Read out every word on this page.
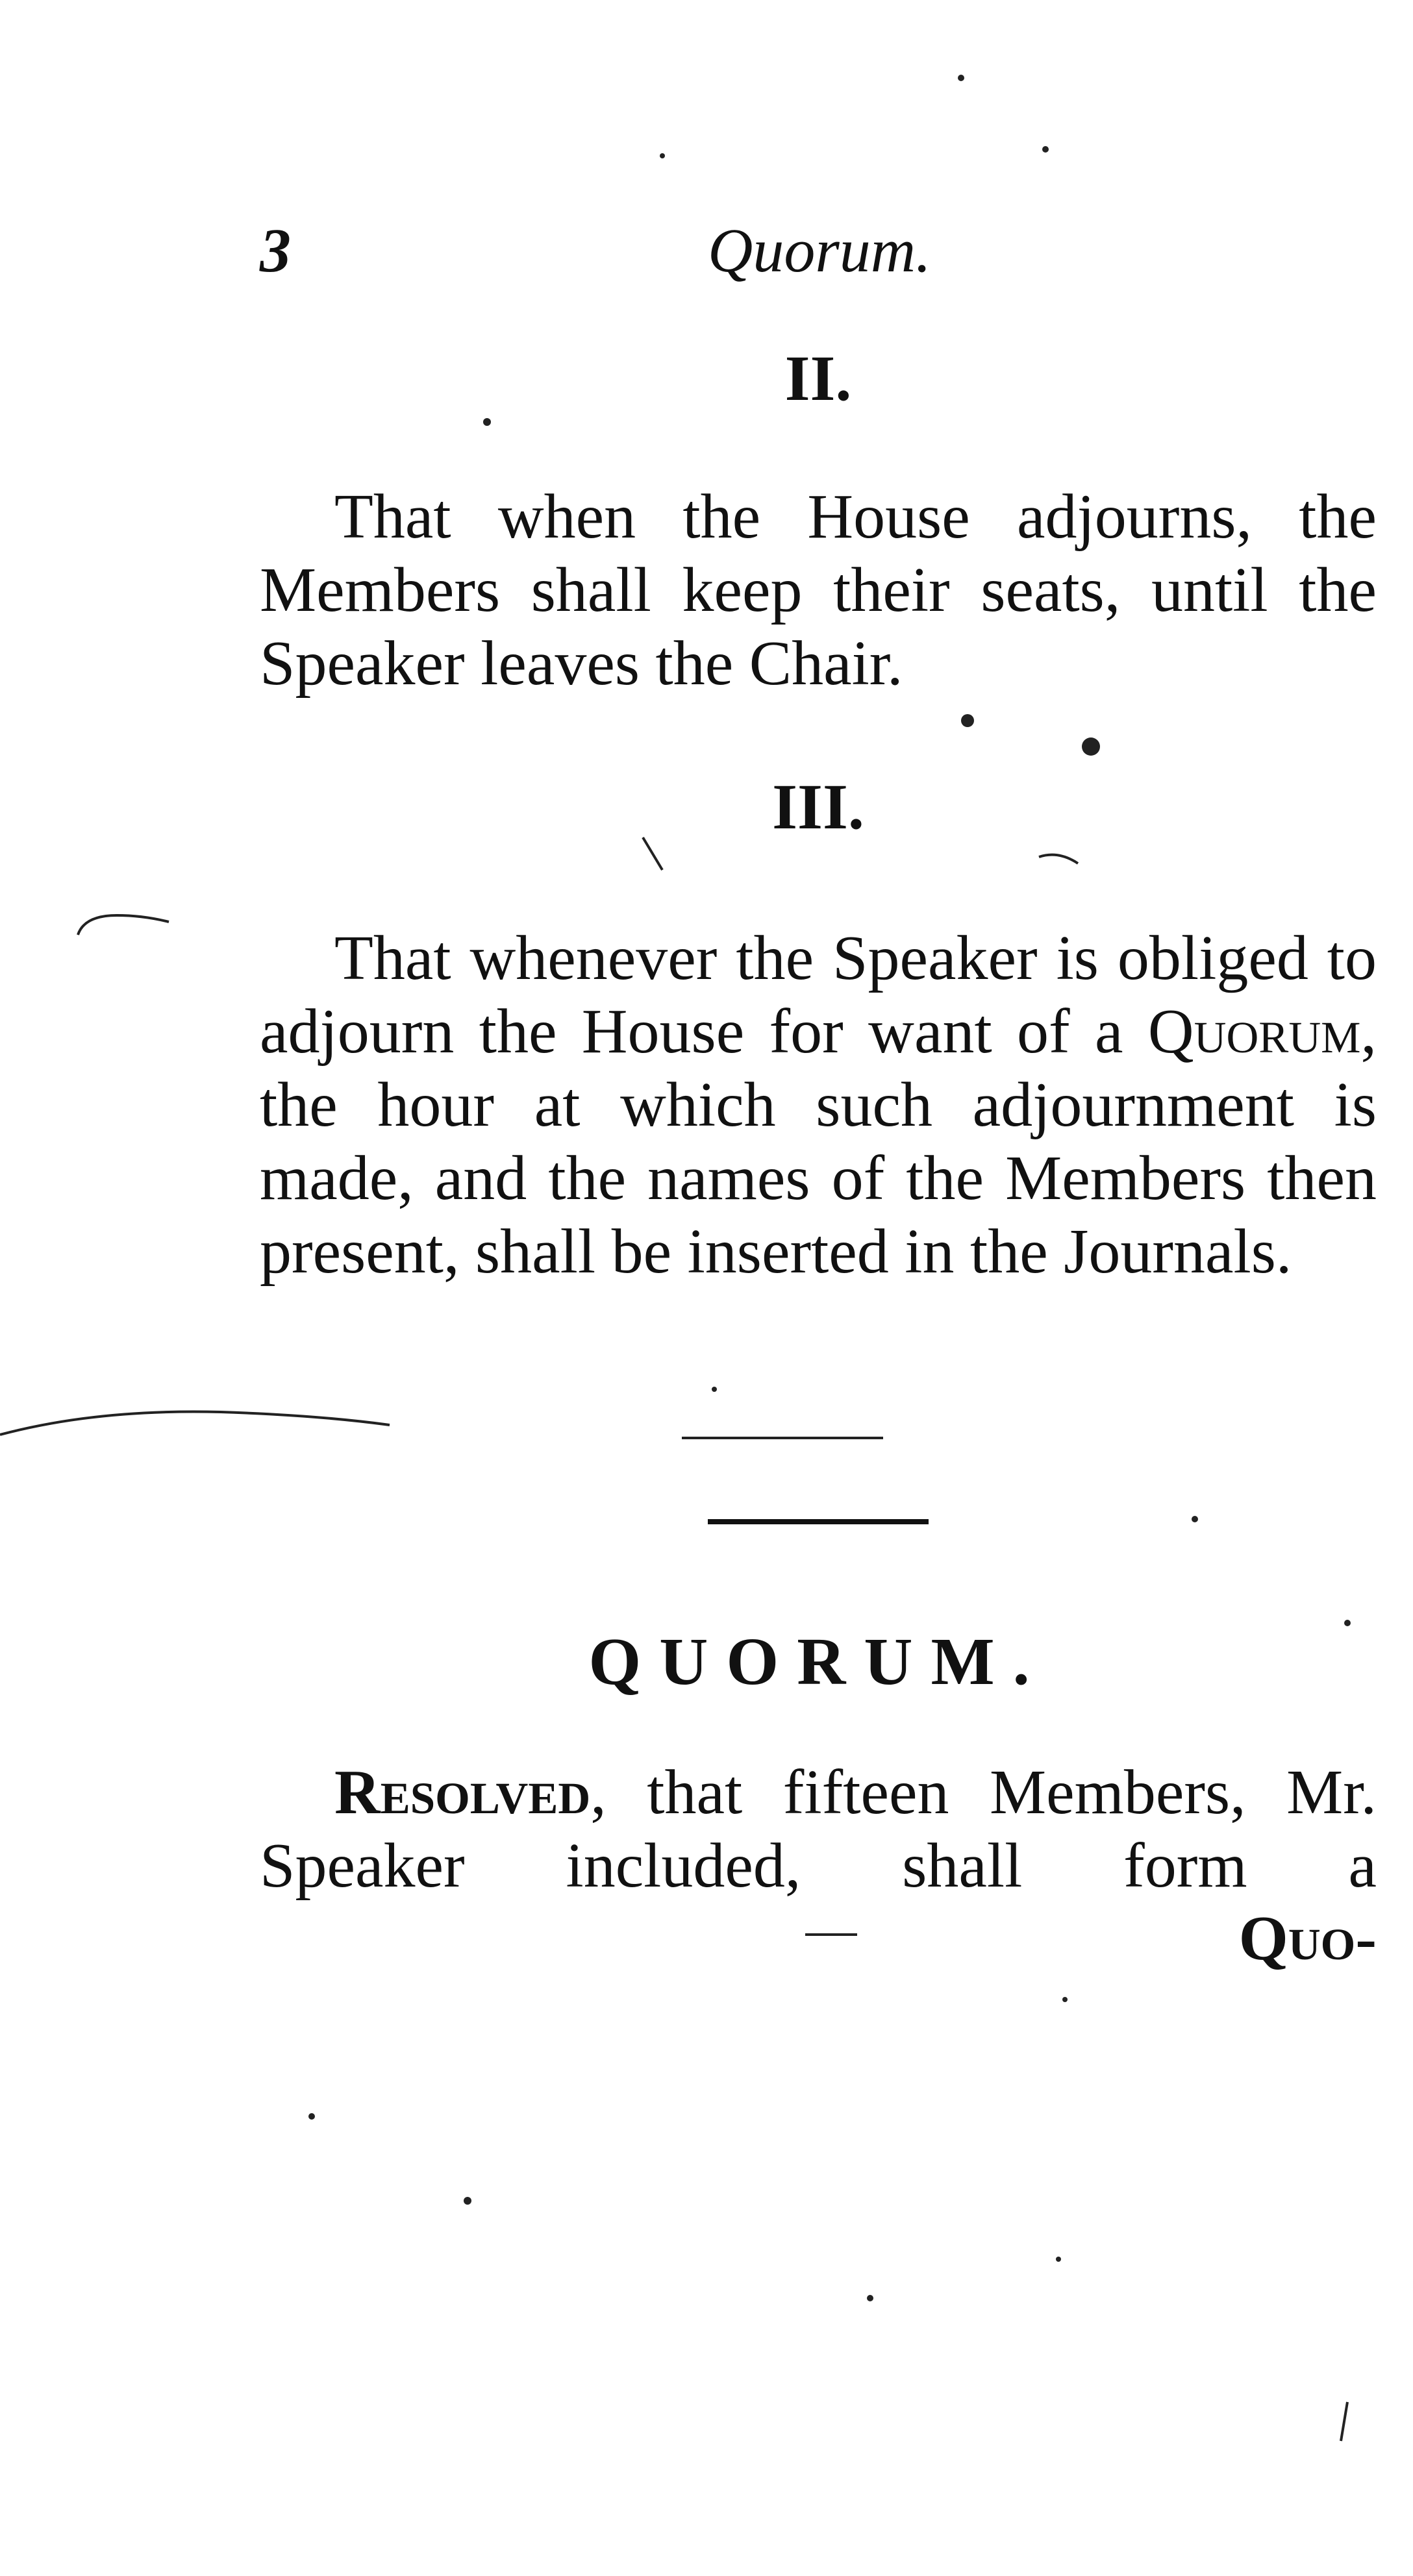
3	Quorum.
II.

That when the House adjourns, the Members shall keep their seats, until the Speaker leaves the Chair.

III.

That whenever the Speaker is obliged to adjourn the House for want of a Quorum, the hour at which such adjournment is made, and the names of the Members then present, shall be inserted in the Journals.

QUORUM.

Resolved, that fifteen Members, Mr. Speaker included, shall form a

Quo-
